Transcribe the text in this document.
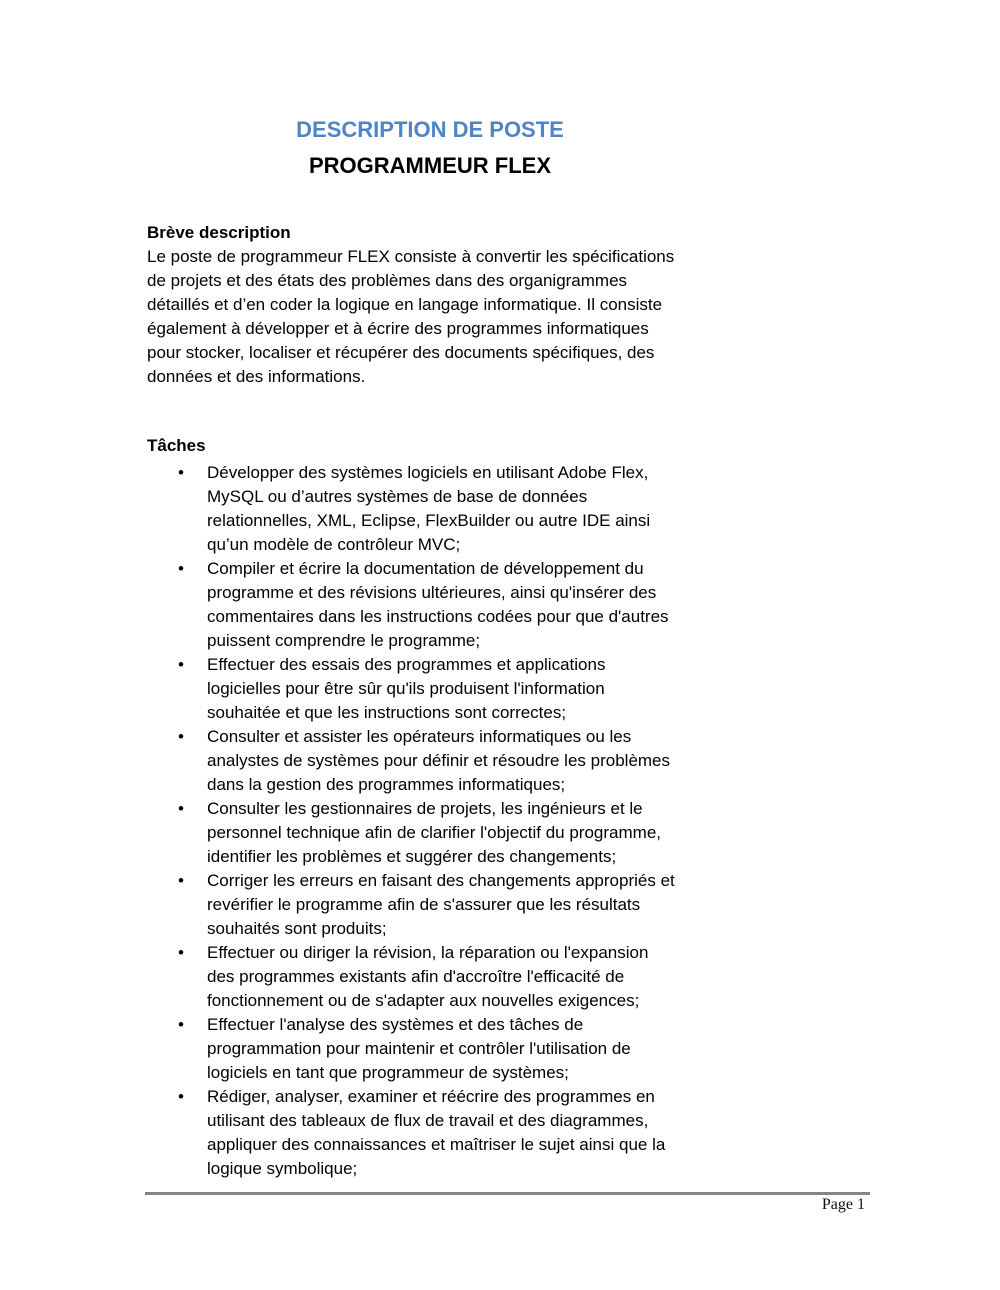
DESCRIPTION DE POSTE
PROGRAMMEUR FLEX
Brève description
Le poste de programmeur FLEX consiste à convertir les spécifications
de projets et des états des problèmes dans des organigrammes
détaillés et d’en coder la logique en langage informatique. Il consiste
également à développer et à écrire des programmes informatiques
pour stocker, localiser et récupérer des documents spécifiques, des
données et des informations.
Tâches
• Développer des systèmes logiciels en utilisant Adobe Flex,
MySQL ou d’autres systèmes de base de données
relationnelles, XML, Eclipse, FlexBuilder ou autre IDE ainsi
qu’un modèle de contrôleur MVC;
• Compiler et écrire la documentation de développement du
programme et des révisions ultérieures, ainsi qu'insérer des
commentaires dans les instructions codées pour que d'autres
puissent comprendre le programme;
• Effectuer des essais des programmes et applications
logicielles pour être sûr qu'ils produisent l'information
souhaitée et que les instructions sont correctes;
• Consulter et assister les opérateurs informatiques ou les
analystes de systèmes pour définir et résoudre les problèmes
dans la gestion des programmes informatiques;
• Consulter les gestionnaires de projets, les ingénieurs et le
personnel technique afin de clarifier l'objectif du programme,
identifier les problèmes et suggérer des changements;
• Corriger les erreurs en faisant des changements appropriés et
revérifier le programme afin de s'assurer que les résultats
souhaités sont produits;
• Effectuer ou diriger la révision, la réparation ou l'expansion
des programmes existants afin d'accroître l'efficacité de
fonctionnement ou de s'adapter aux nouvelles exigences;
• Effectuer l'analyse des systèmes et des tâches de
programmation pour maintenir et contrôler l'utilisation de
logiciels en tant que programmeur de systèmes;
• Rédiger, analyser, examiner et réécrire des programmes en
utilisant des tableaux de flux de travail et des diagrammes,
appliquer des connaissances et maîtriser le sujet ainsi que la
logique symbolique;
Page 1
